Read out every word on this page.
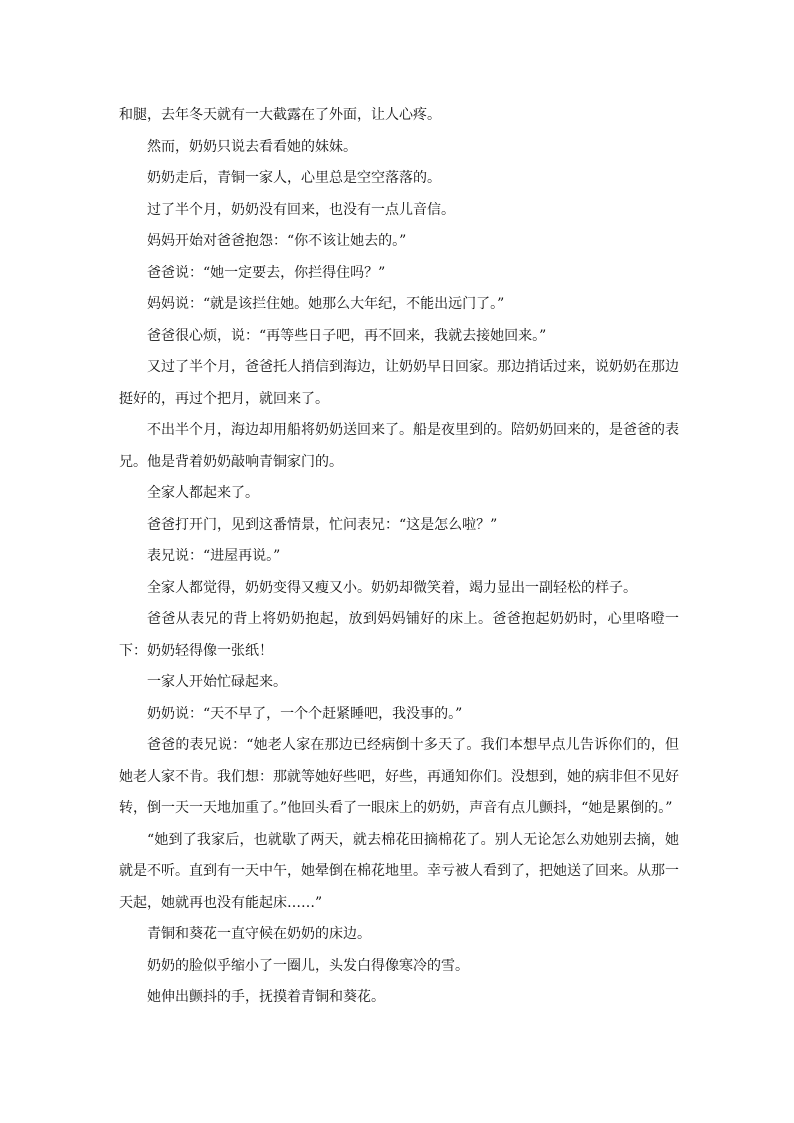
和腿，去年冬天就有一大截露在了外面，让人心疼。

然而，奶奶只说去看看她的妹妹。

奶奶走后，青铜一家人，心里总是空空落落的。

过了半个月，奶奶没有回来，也没有一点儿音信。

妈妈开始对爸爸抱怨：“你不该让她去的。”

爸爸说：“她一定要去，你拦得住吗？”

妈妈说：“就是该拦住她。她那么大年纪，不能出远门了。”

爸爸很心烦，说：“再等些日子吧，再不回来，我就去接她回来。”

又过了半个月，爸爸托人捎信到海边，让奶奶早日回家。那边捎话过来，说奶奶在那边挺好的，再过个把月，就回来了。

不出半个月，海边却用船将奶奶送回来了。船是夜里到的。陪奶奶回来的，是爸爸的表兄。他是背着奶奶敲响青铜家门的。

全家人都起来了。

爸爸打开门，见到这番情景，忙问表兄：“这是怎么啦？”

表兄说：“进屋再说。”

全家人都觉得，奶奶变得又瘦又小。奶奶却微笑着，竭力显出一副轻松的样子。

爸爸从表兄的背上将奶奶抱起，放到妈妈铺好的床上。爸爸抱起奶奶时，心里咯噔一下：奶奶轻得像一张纸！

一家人开始忙碌起来。

奶奶说：“天不早了，一个个赶紧睡吧，我没事的。”

爸爸的表兄说：“她老人家在那边已经病倒十多天了。我们本想早点儿告诉你们的，但她老人家不肯。我们想：那就等她好些吧，好些，再通知你们。没想到，她的病非但不见好转，倒一天一天地加重了。”他回头看了一眼床上的奶奶，声音有点儿颤抖，“她是累倒的。”

“她到了我家后，也就歇了两天，就去棉花田摘棉花了。别人无论怎么劝她别去摘，她就是不听。直到有一天中午，她晕倒在棉花地里。幸亏被人看到了，把她送了回来。从那一天起，她就再也没有能起床……”

青铜和葵花一直守候在奶奶的床边。

奶奶的脸似乎缩小了一圈儿，头发白得像寒冷的雪。

她伸出颤抖的手，抚摸着青铜和葵花。
